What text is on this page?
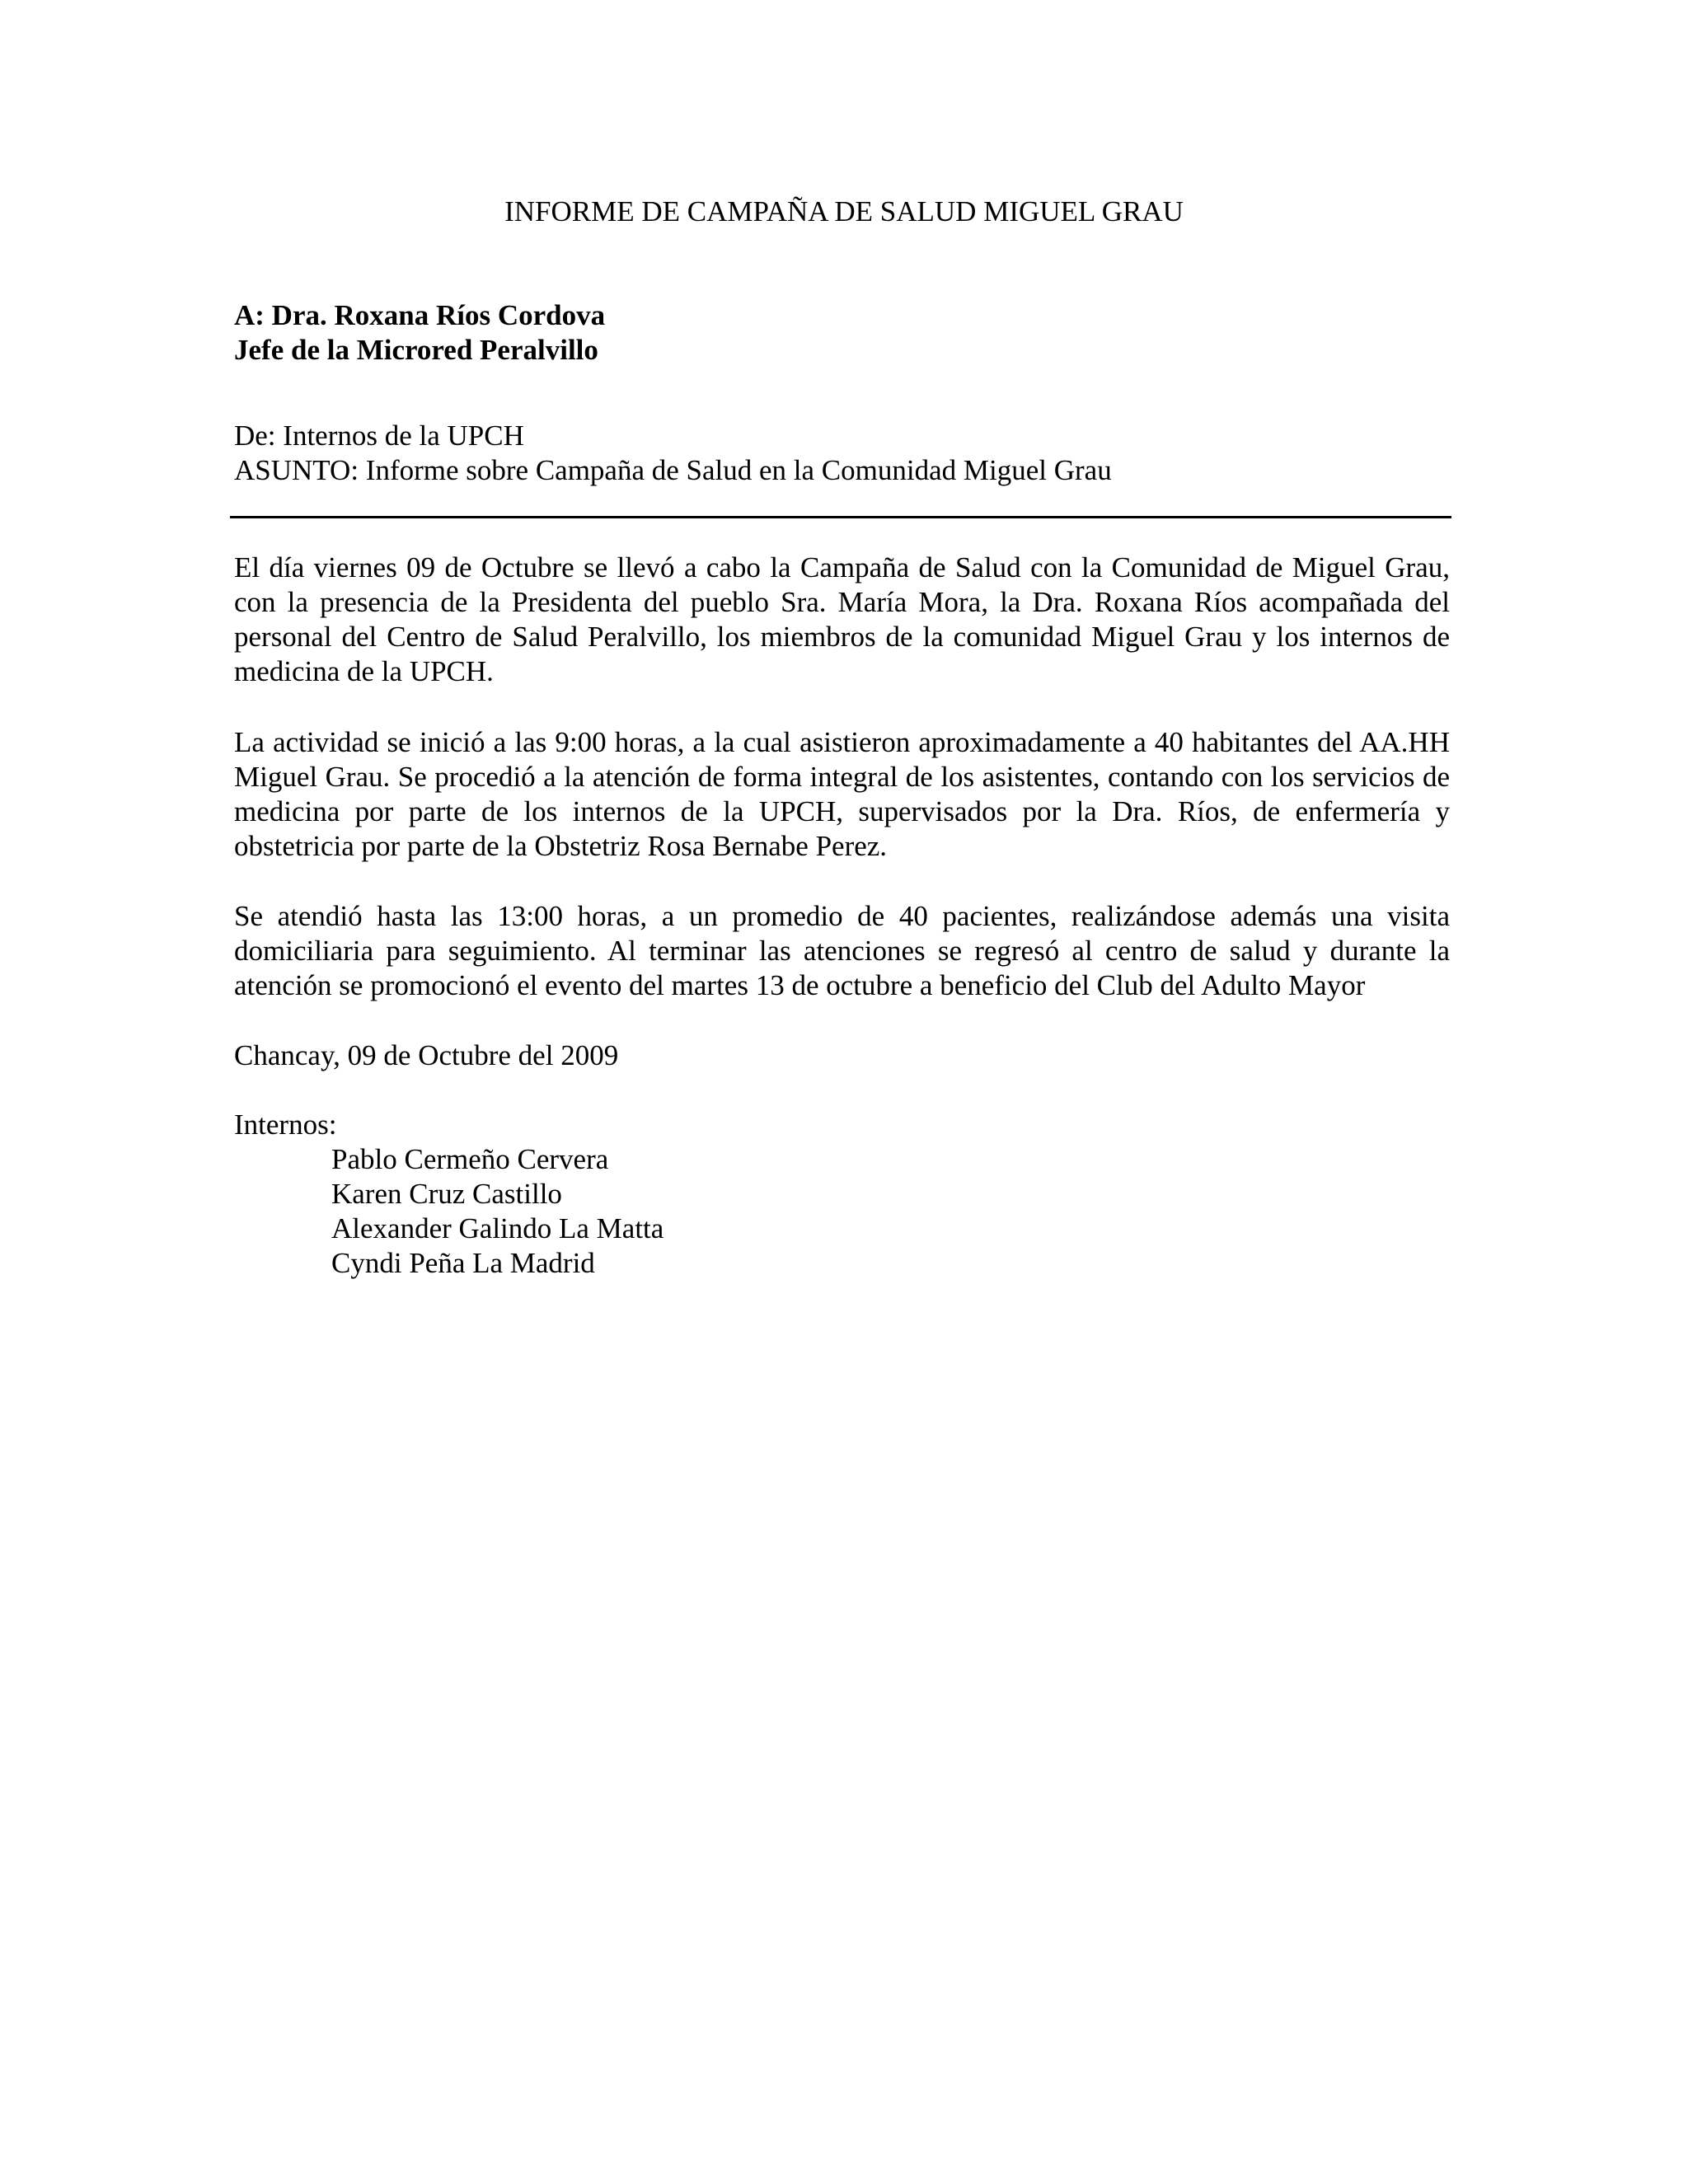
INFORME DE CAMPAÑA DE SALUD MIGUEL GRAU
A: Dra. Roxana Ríos Cordova
Jefe de la Microred Peralvillo
De: Internos de la UPCH
ASUNTO: Informe sobre Campaña de Salud en la Comunidad Miguel Grau

El día viernes 09 de Octubre se llevó a cabo la Campaña de Salud con la Comunidad de Miguel Grau, con la presencia de la Presidenta del pueblo Sra. María Mora, la Dra. Roxana Ríos acompañada del personal del Centro de Salud Peralvillo, los miembros de la comunidad Miguel Grau y los internos de medicina de la UPCH.

La actividad se inició a las 9:00 horas, a la cual asistieron aproximadamente a 40 habitantes del AA.HH Miguel Grau. Se procedió a la atención de forma integral de los asistentes, contando con los servicios de medicina por parte de los internos de la UPCH, supervisados por la Dra. Ríos, de enfermería y obstetricia por parte de la Obstetriz Rosa Bernabe Perez.

Se atendió hasta las 13:00 horas, a un promedio de 40 pacientes, realizándose además una visita domiciliaria para seguimiento. Al terminar las atenciones se regresó al centro de salud y durante la atención se promocionó el evento del martes 13 de octubre a beneficio del Club del Adulto Mayor

Chancay, 09 de Octubre del 2009
Internos:
Pablo Cermeño Cervera
Karen Cruz Castillo
Alexander Galindo La Matta
Cyndi Peña La Madrid
